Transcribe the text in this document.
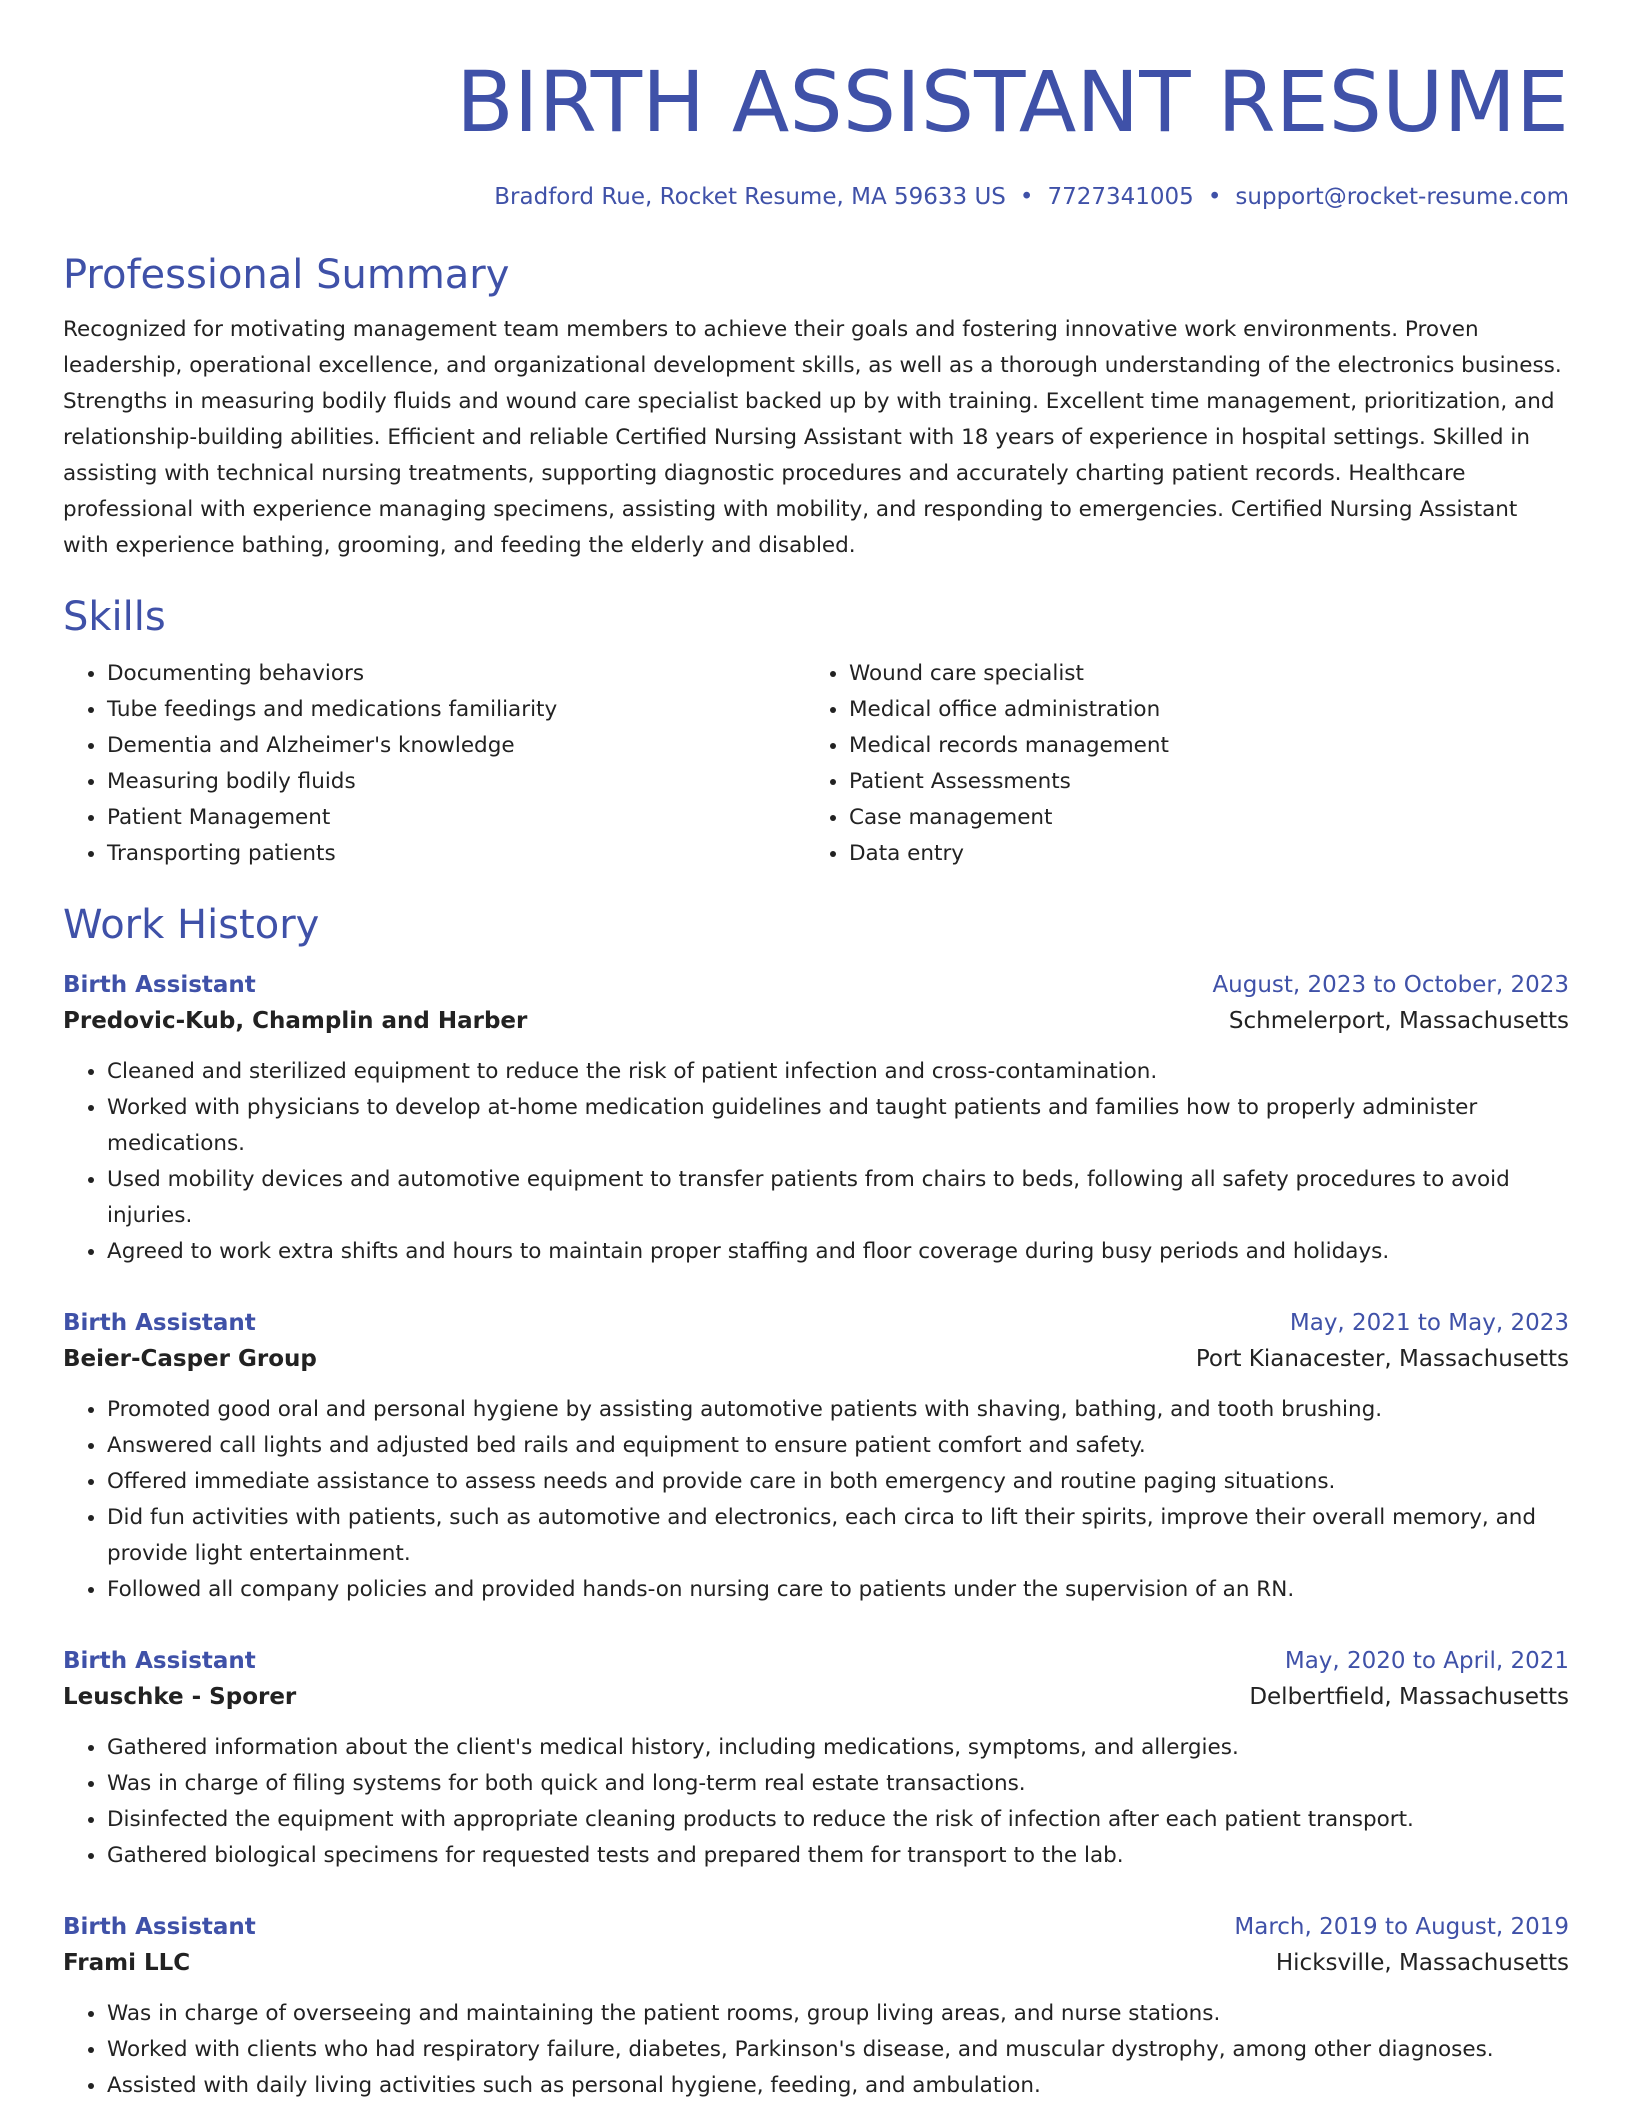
BIRTH ASSISTANT RESUME
Bradford Rue, Rocket Resume, MA 59633 US • 7727341005 • support@rocket-resume.com
Professional Summary
Recognized for motivating management team members to achieve their goals and fostering innovative work environments. Proven leadership, operational excellence, and organizational development skills, as well as a thorough understanding of the electronics business. Strengths in measuring bodily fluids and wound care specialist backed up by with training. Excellent time management, prioritization, and relationship-building abilities. Efficient and reliable Certified Nursing Assistant with 18 years of experience in hospital settings. Skilled in assisting with technical nursing treatments, supporting diagnostic procedures and accurately charting patient records. Healthcare professional with experience managing specimens, assisting with mobility, and responding to emergencies. Certified Nursing Assistant with experience bathing, grooming, and feeding the elderly and disabled.
Skills
• Documenting behaviors
• Tube feedings and medications familiarity
• Dementia and Alzheimer's knowledge
• Measuring bodily fluids
• Patient Management
• Transporting patients
• Wound care specialist
• Medical office administration
• Medical records management
• Patient Assessments
• Case management
• Data entry
Work History
Birth Assistant	August, 2023 to October, 2023
Predovic-Kub, Champlin and Harber	Schmelerport, Massachusetts
• Cleaned and sterilized equipment to reduce the risk of patient infection and cross-contamination.
• Worked with physicians to develop at-home medication guidelines and taught patients and families how to properly administer medications.
• Used mobility devices and automotive equipment to transfer patients from chairs to beds, following all safety procedures to avoid injuries.
• Agreed to work extra shifts and hours to maintain proper staffing and floor coverage during busy periods and holidays.
Birth Assistant	May, 2021 to May, 2023
Beier-Casper Group	Port Kianacester, Massachusetts
• Promoted good oral and personal hygiene by assisting automotive patients with shaving, bathing, and tooth brushing.
• Answered call lights and adjusted bed rails and equipment to ensure patient comfort and safety.
• Offered immediate assistance to assess needs and provide care in both emergency and routine paging situations.
• Did fun activities with patients, such as automotive and electronics, each circa to lift their spirits, improve their overall memory, and provide light entertainment.
• Followed all company policies and provided hands-on nursing care to patients under the supervision of an RN.
Birth Assistant	May, 2020 to April, 2021
Leuschke - Sporer	Delbertfield, Massachusetts
• Gathered information about the client's medical history, including medications, symptoms, and allergies.
• Was in charge of filing systems for both quick and long-term real estate transactions.
• Disinfected the equipment with appropriate cleaning products to reduce the risk of infection after each patient transport.
• Gathered biological specimens for requested tests and prepared them for transport to the lab.
Birth Assistant	March, 2019 to August, 2019
Frami LLC	Hicksville, Massachusetts
• Was in charge of overseeing and maintaining the patient rooms, group living areas, and nurse stations.
• Worked with clients who had respiratory failure, diabetes, Parkinson's disease, and muscular dystrophy, among other diagnoses.
• Assisted with daily living activities such as personal hygiene, feeding, and ambulation.
